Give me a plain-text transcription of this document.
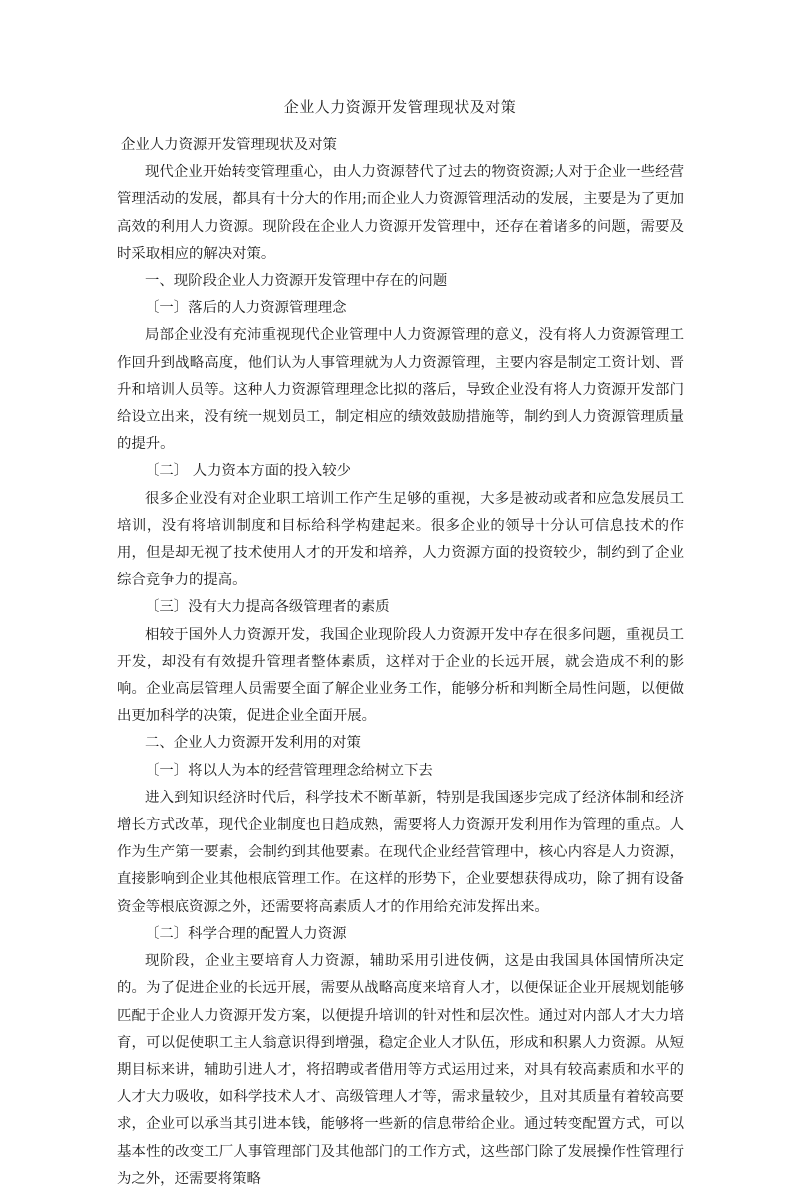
企业人力资源开发管理现状及对策

企业人力资源开发管理现状及对策

现代企业开始转变管理重心，由人力资源替代了过去的物资资源;人对于企业一些经营管理活动的发展，都具有十分大的作用;而企业人力资源管理活动的发展，主要是为了更加高效的利用人力资源。现阶段在企业人力资源开发管理中，还存在着诸多的问题，需要及时采取相应的解决对策。

一、现阶段企业人力资源开发管理中存在的问题

〔一〕落后的人力资源管理理念

局部企业没有充沛重视现代企业管理中人力资源管理的意义，没有将人力资源管理工作回升到战略高度，他们认为人事管理就为人力资源管理，主要内容是制定工资计划、晋升和培训人员等。这种人力资源管理理念比拟的落后，导致企业没有将人力资源开发部门给设立出来，没有统一规划员工，制定相应的绩效鼓励措施等，制约到人力资源管理质量的提升。

〔二〕 人力资本方面的投入较少

很多企业没有对企业职工培训工作产生足够的重视，大多是被动或者和应急发展员工培训，没有将培训制度和目标给科学构建起来。很多企业的领导十分认可信息技术的作用，但是却无视了技术使用人才的开发和培养，人力资源方面的投资较少，制约到了企业综合竞争力的提高。

〔三〕没有大力提高各级管理者的素质

相较于国外人力资源开发，我国企业现阶段人力资源开发中存在很多问题，重视员工开发，却没有有效提升管理者整体素质，这样对于企业的长远开展，就会造成不利的影响。企业高层管理人员需要全面了解企业业务工作，能够分析和判断全局性问题，以便做出更加科学的决策，促进企业全面开展。

二、企业人力资源开发利用的对策

〔一〕将以人为本的经营管理理念给树立下去

进入到知识经济时代后，科学技术不断革新，特别是我国逐步完成了经济体制和经济增长方式改革，现代企业制度也日趋成熟，需要将人力资源开发利用作为管理的重点。人作为生产第一要素，会制约到其他要素。在现代企业经营管理中，核心内容是人力资源，直接影响到企业其他根底管理工作。在这样的形势下，企业要想获得成功，除了拥有设备资金等根底资源之外，还需要将高素质人才的作用给充沛发挥出来。

〔二〕科学合理的配置人力资源

现阶段，企业主要培育人力资源，辅助采用引进伎俩，这是由我国具体国情所决定的。为了促进企业的长远开展，需要从战略高度来培育人才，以便保证企业开展规划能够匹配于企业人力资源开发方案，以便提升培训的针对性和层次性。通过对内部人才大力培育，可以促使职工主人翁意识得到增强，稳定企业人才队伍，形成和积累人力资源。从短期目标来讲，辅助引进人才，将招聘或者借用等方式运用过来，对具有较高素质和水平的人才大力吸收，如科学技术人才、高级管理人才等，需求量较少，且对其质量有着较高要求，企业可以承当其引进本钱，能够将一些新的信息带给企业。通过转变配置方式，可以基本性的改变工厂人事管理部门及其他部门的工作方式，这些部门除了发展操作性管理行为之外，还需要将策略
